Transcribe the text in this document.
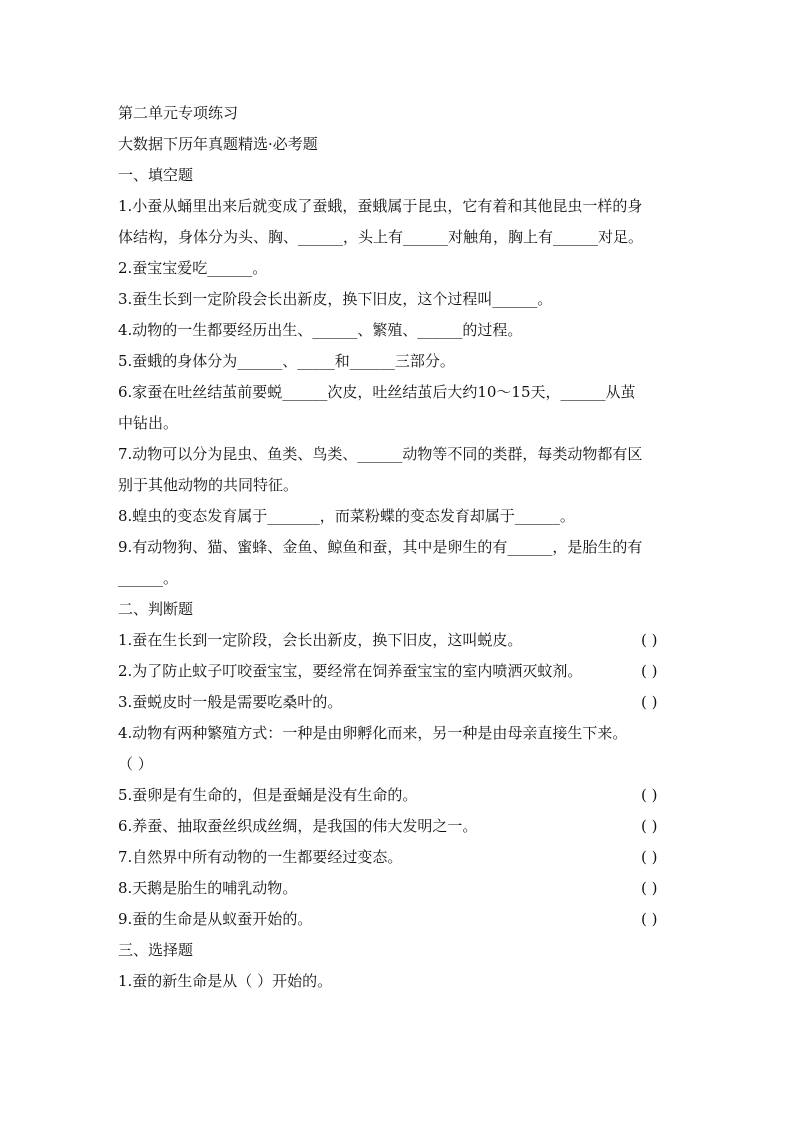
第二单元专项练习
大数据下历年真题精选·必考题
一、填空题
1.小蚕从蛹里出来后就变成了蚕蛾，蚕蛾属于昆虫，它有着和其他昆虫一样的身
体结构，身体分为头、胸、______，头上有______对触角，胸上有______对足。
2.蚕宝宝爱吃______。
3.蚕生长到一定阶段会长出新皮，换下旧皮，这个过程叫______。
4.动物的一生都要经历出生、______、繁殖、______的过程。
5.蚕蛾的身体分为______、_____和______三部分。
6.家蚕在吐丝结茧前要蜕______次皮，吐丝结茧后大约10～15天，______从茧
中钻出。
7.动物可以分为昆虫、鱼类、鸟类、______动物等不同的类群，每类动物都有区
别于其他动物的共同特征。
8.蝗虫的变态发育属于_______，而菜粉蝶的变态发育却属于______。
9.有动物狗、猫、蜜蜂、金鱼、鲸鱼和蚕，其中是卵生的有______，是胎生的有
______。
二、判断题
1.蚕在生长到一定阶段，会长出新皮，换下旧皮，这叫蜕皮。	( )
2.为了防止蚊子叮咬蚕宝宝，要经常在饲养蚕宝宝的室内喷洒灭蚊剂。	( )
3.蚕蜕皮时一般是需要吃桑叶的。	( )
4.动物有两种繁殖方式：一种是由卵孵化而来，另一种是由母亲直接生下来。
（ ）
5.蚕卵是有生命的，但是蚕蛹是没有生命的。	( )
6.养蚕、抽取蚕丝织成丝绸，是我国的伟大发明之一。	( )
7.自然界中所有动物的一生都要经过变态。	( )
8.天鹅是胎生的哺乳动物。	( )
9.蚕的生命是从蚁蚕开始的。	( )
三、选择题
1.蚕的新生命是从（ ）开始的。
